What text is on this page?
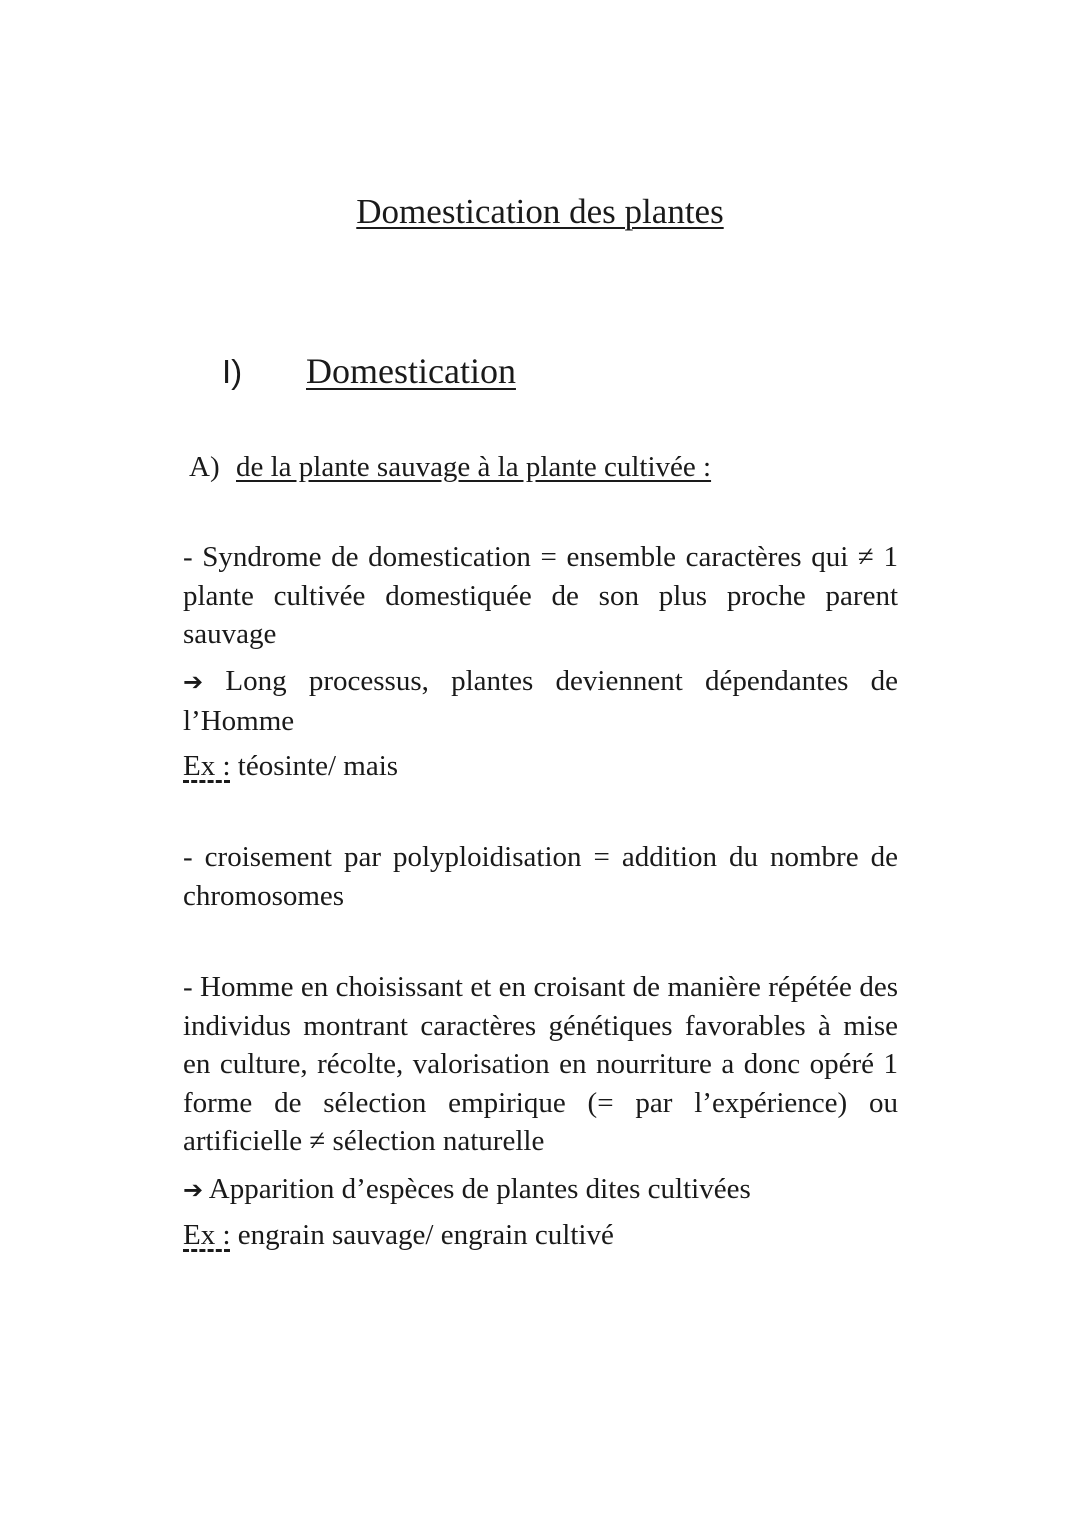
Domestication des plantes
I) Domestication
A) de la plante sauvage à la plante cultivée :
- Syndrome de domestication = ensemble caractères qui ≠ 1 plante cultivée domestiquée de son plus proche parent sauvage
➔ Long processus, plantes deviennent dépendantes de l’Homme
Ex : téosinte/ mais
- croisement par polyploidisation = addition du nombre de chromosomes
- Homme en choisissant et en croisant de manière répétée des individus montrant caractères génétiques favorables à mise en culture, récolte, valorisation en nourriture a donc opéré 1 forme de sélection empirique (= par l’expérience) ou artificielle ≠ sélection naturelle
➔ Apparition d’espèces de plantes dites cultivées
Ex : engrain sauvage/ engrain cultivé
